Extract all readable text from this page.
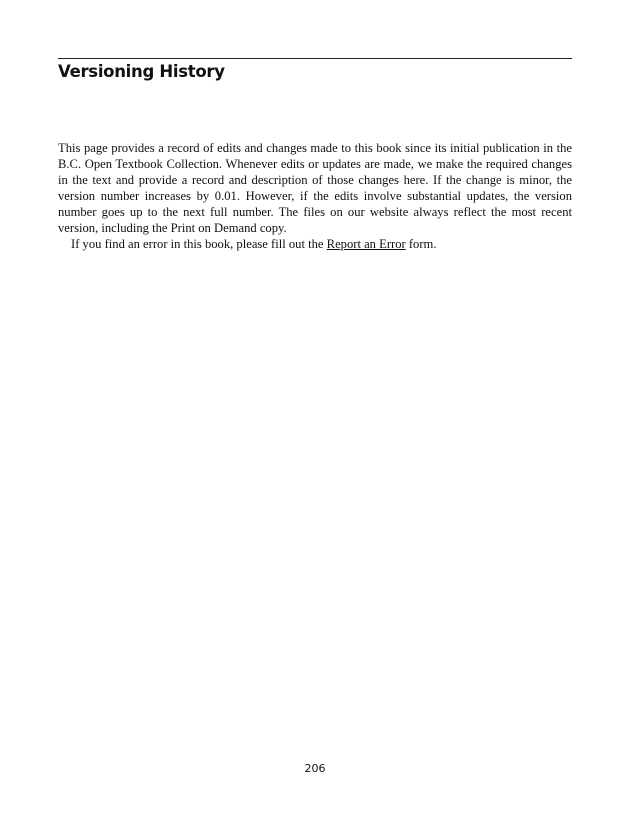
Versioning History

This page provides a record of edits and changes made to this book since its initial publication in the B.C. Open Textbook Collection. Whenever edits or updates are made, we make the required changes in the text and provide a record and description of those changes here. If the change is minor, the version number increases by 0.01. However, if the edits involve substantial updates, the version number goes up to the next full number. The files on our website always reflect the most recent version, including the Print on Demand copy.

If you find an error in this book, please fill out the Report an Error form.

206
